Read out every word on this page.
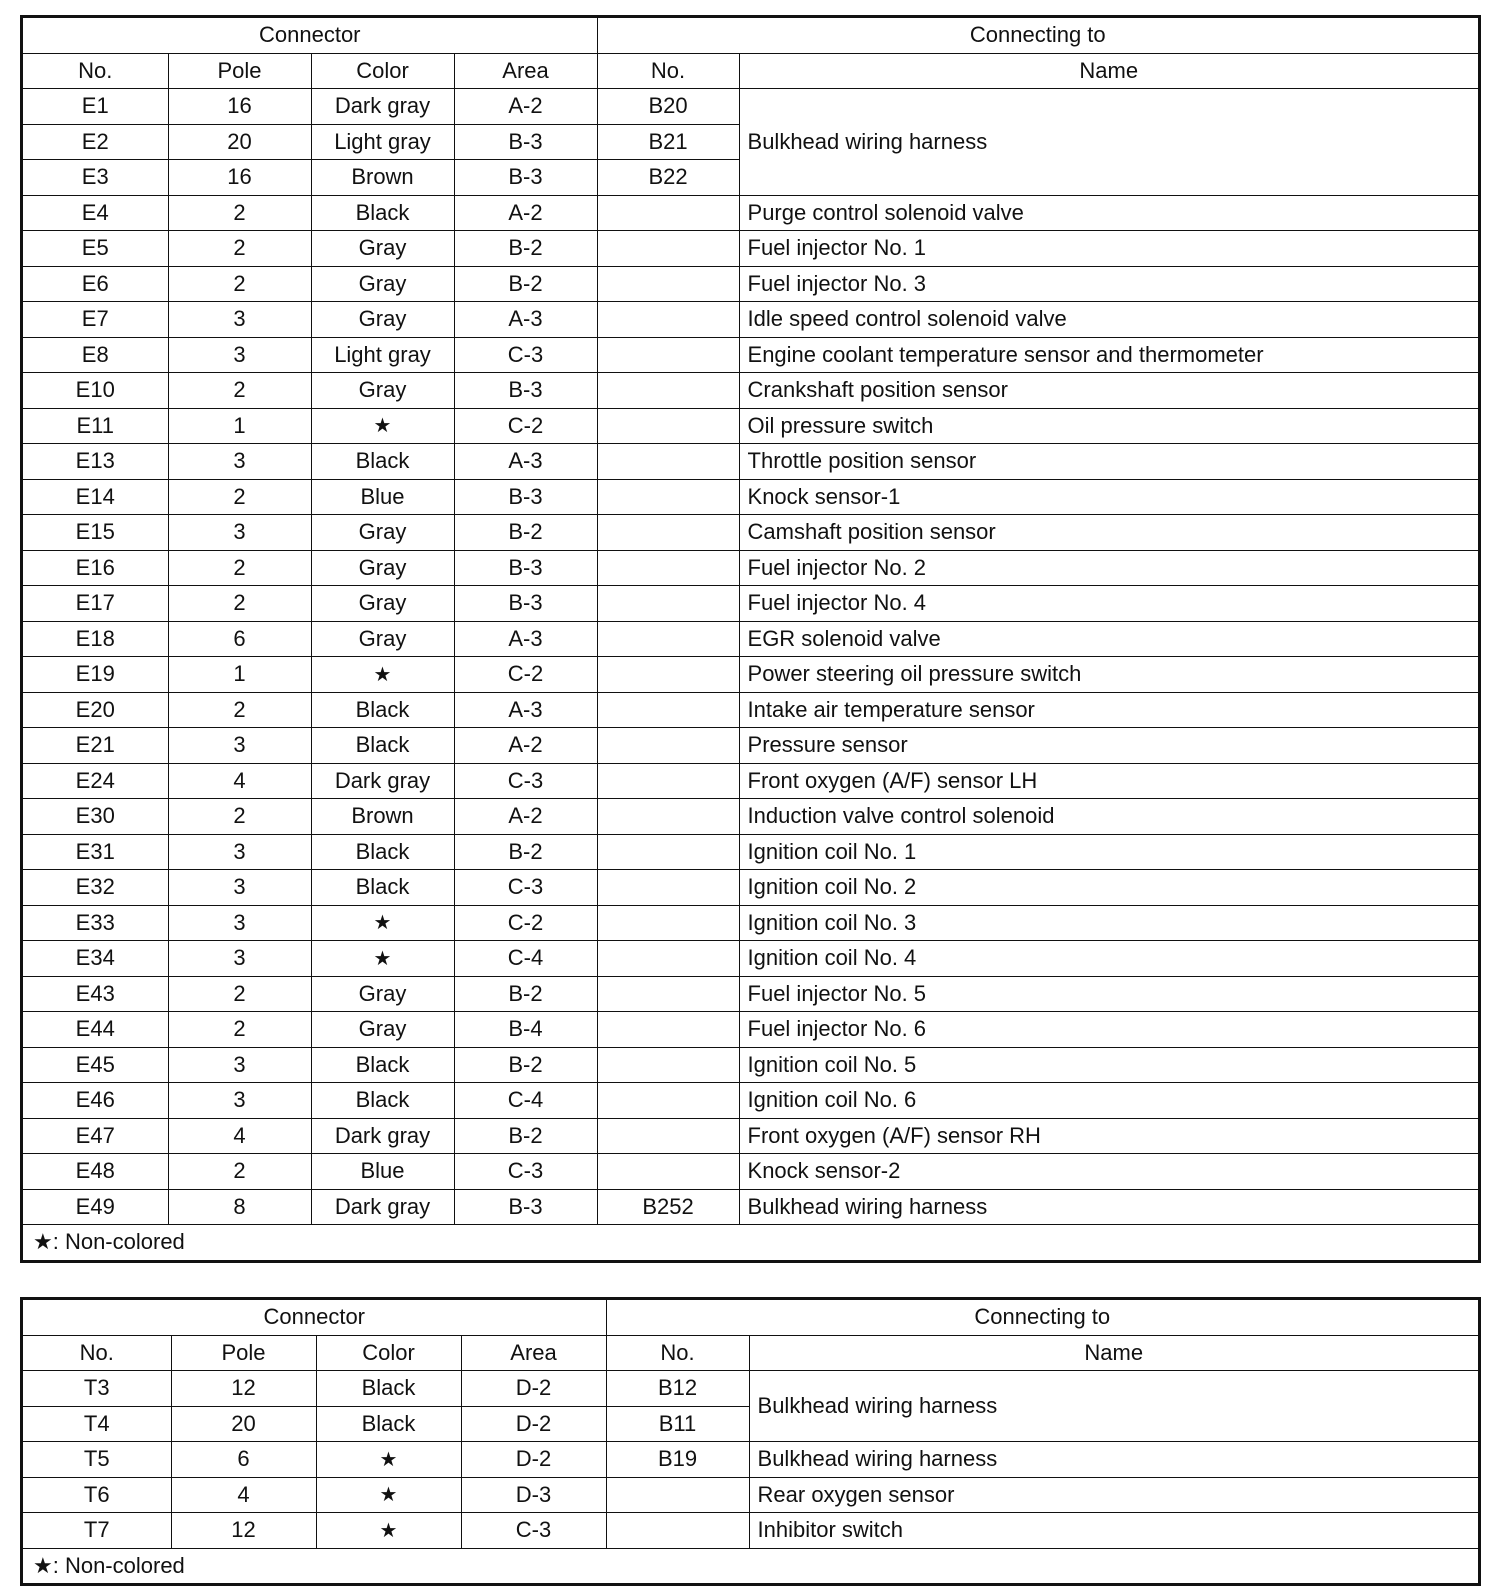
Connector				Connecting to	
No.	Pole	Color	Area	No.	Name
E1	16	Dark gray	A-2	B20	Bulkhead wiring harness
E2	20	Light gray	B-3	B21	
E3	16	Brown	B-3	B22	
E4	2	Black	A-2		Purge control solenoid valve
E5	2	Gray	B-2		Fuel injector No. 1
E6	2	Gray	B-2		Fuel injector No. 3
E7	3	Gray	A-3		Idle speed control solenoid valve
E8	3	Light gray	C-3		Engine coolant temperature sensor and thermometer
E10	2	Gray	B-3		Crankshaft position sensor
E11	1	★	C-2		Oil pressure switch
E13	3	Black	A-3		Throttle position sensor
E14	2	Blue	B-3		Knock sensor-1
E15	3	Gray	B-2		Camshaft position sensor
E16	2	Gray	B-3		Fuel injector No. 2
E17	2	Gray	B-3		Fuel injector No. 4
E18	6	Gray	A-3		EGR solenoid valve
E19	1	★	C-2		Power steering oil pressure switch
E20	2	Black	A-3		Intake air temperature sensor
E21	3	Black	A-2		Pressure sensor
E24	4	Dark gray	C-3		Front oxygen (A/F) sensor LH
E30	2	Brown	A-2		Induction valve control solenoid
E31	3	Black	B-2		Ignition coil No. 1
E32	3	Black	C-3		Ignition coil No. 2
E33	3	★	C-2		Ignition coil No. 3
E34	3	★	C-4		Ignition coil No. 4
E43	2	Gray	B-2		Fuel injector No. 5
E44	2	Gray	B-4		Fuel injector No. 6
E45	3	Black	B-2		Ignition coil No. 5
E46	3	Black	C-4		Ignition coil No. 6
E47	4	Dark gray	B-2		Front oxygen (A/F) sensor RH
E48	2	Blue	C-3		Knock sensor-2
E49	8	Dark gray	B-3	B252	Bulkhead wiring harness
★: Non-colored					
Connector				Connecting to	
No.	Pole	Color	Area	No.	Name
T3	12	Black	D-2	B12	Bulkhead wiring harness
T4	20	Black	D-2	B11	
T5	6	★	D-2	B19	Bulkhead wiring harness
T6	4	★	D-3		Rear oxygen sensor
T7	12	★	C-3		Inhibitor switch
★: Non-colored					
